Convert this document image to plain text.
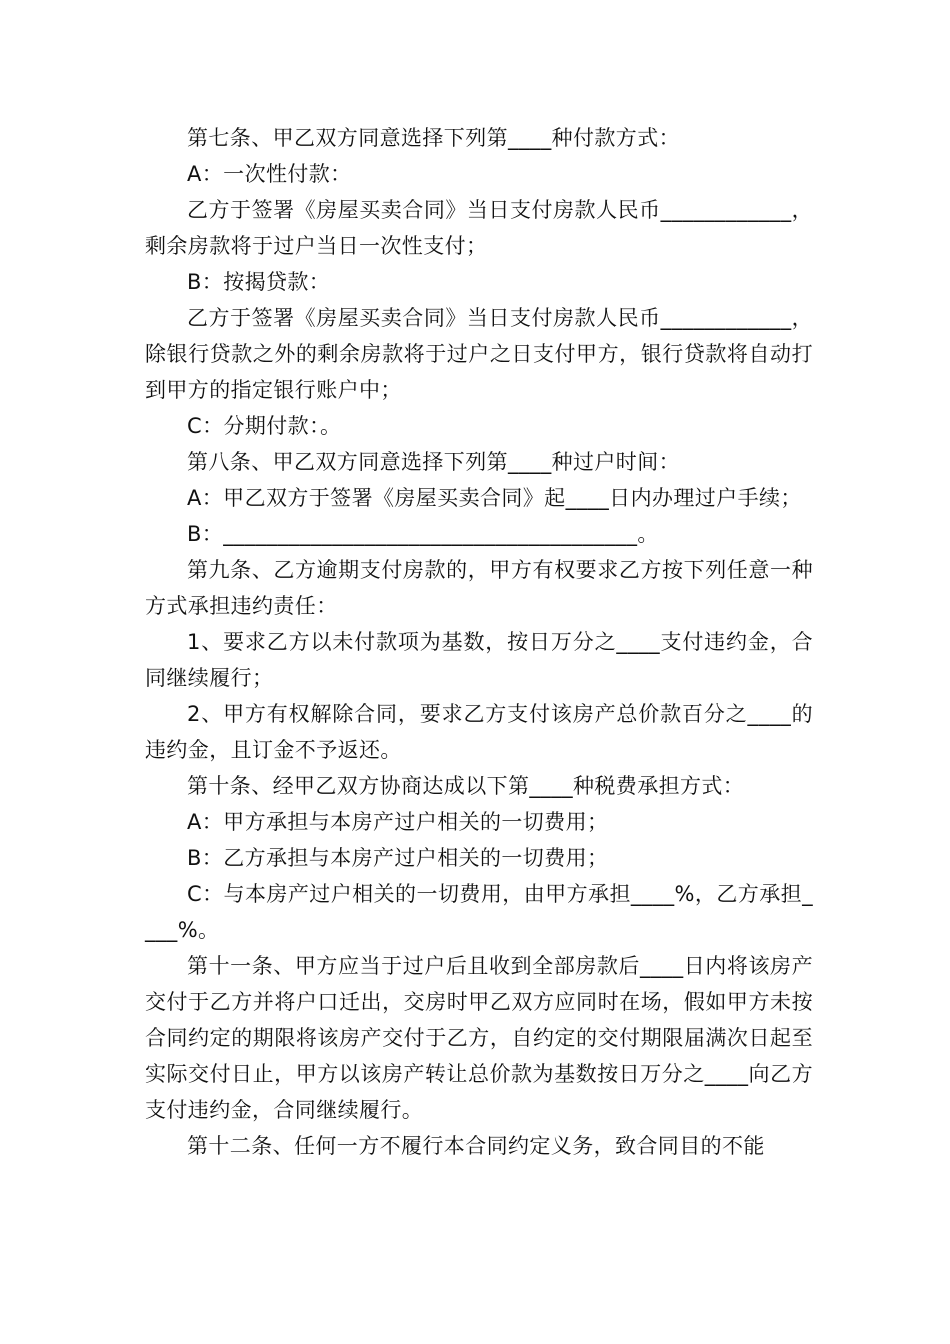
第七条、甲乙双方同意选择下列第____种付款方式：

A：一次性付款：

乙方于签署《房屋买卖合同》当日支付房款人民币____________，剩余房款将于过户当日一次性支付；

B：按揭贷款：

乙方于签署《房屋买卖合同》当日支付房款人民币____________，除银行贷款之外的剩余房款将于过户之日支付甲方，银行贷款将自动打到甲方的指定银行账户中；

C：分期付款：。

第八条、甲乙双方同意选择下列第____种过户时间：

A：甲乙双方于签署《房屋买卖合同》起____日内办理过户手续；

B：______________________________________。

第九条、乙方逾期支付房款的，甲方有权要求乙方按下列任意一种方式承担违约责任：

1、要求乙方以未付款项为基数，按日万分之____支付违约金，合同继续履行；

2、甲方有权解除合同，要求乙方支付该房产总价款百分之____的违约金，且订金不予返还。

第十条、经甲乙双方协商达成以下第____种税费承担方式：

A：甲方承担与本房产过户相关的一切费用；

B：乙方承担与本房产过户相关的一切费用；

C：与本房产过户相关的一切费用，由甲方承担____%，乙方承担____%。

第十一条、甲方应当于过户后且收到全部房款后____日内将该房产交付于乙方并将户口迁出，交房时甲乙双方应同时在场，假如甲方未按合同约定的期限将该房产交付于乙方，自约定的交付期限届满次日起至实际交付日止，甲方以该房产转让总价款为基数按日万分之____向乙方支付违约金，合同继续履行。

第十二条、任何一方不履行本合同约定义务，致合同目的不能
